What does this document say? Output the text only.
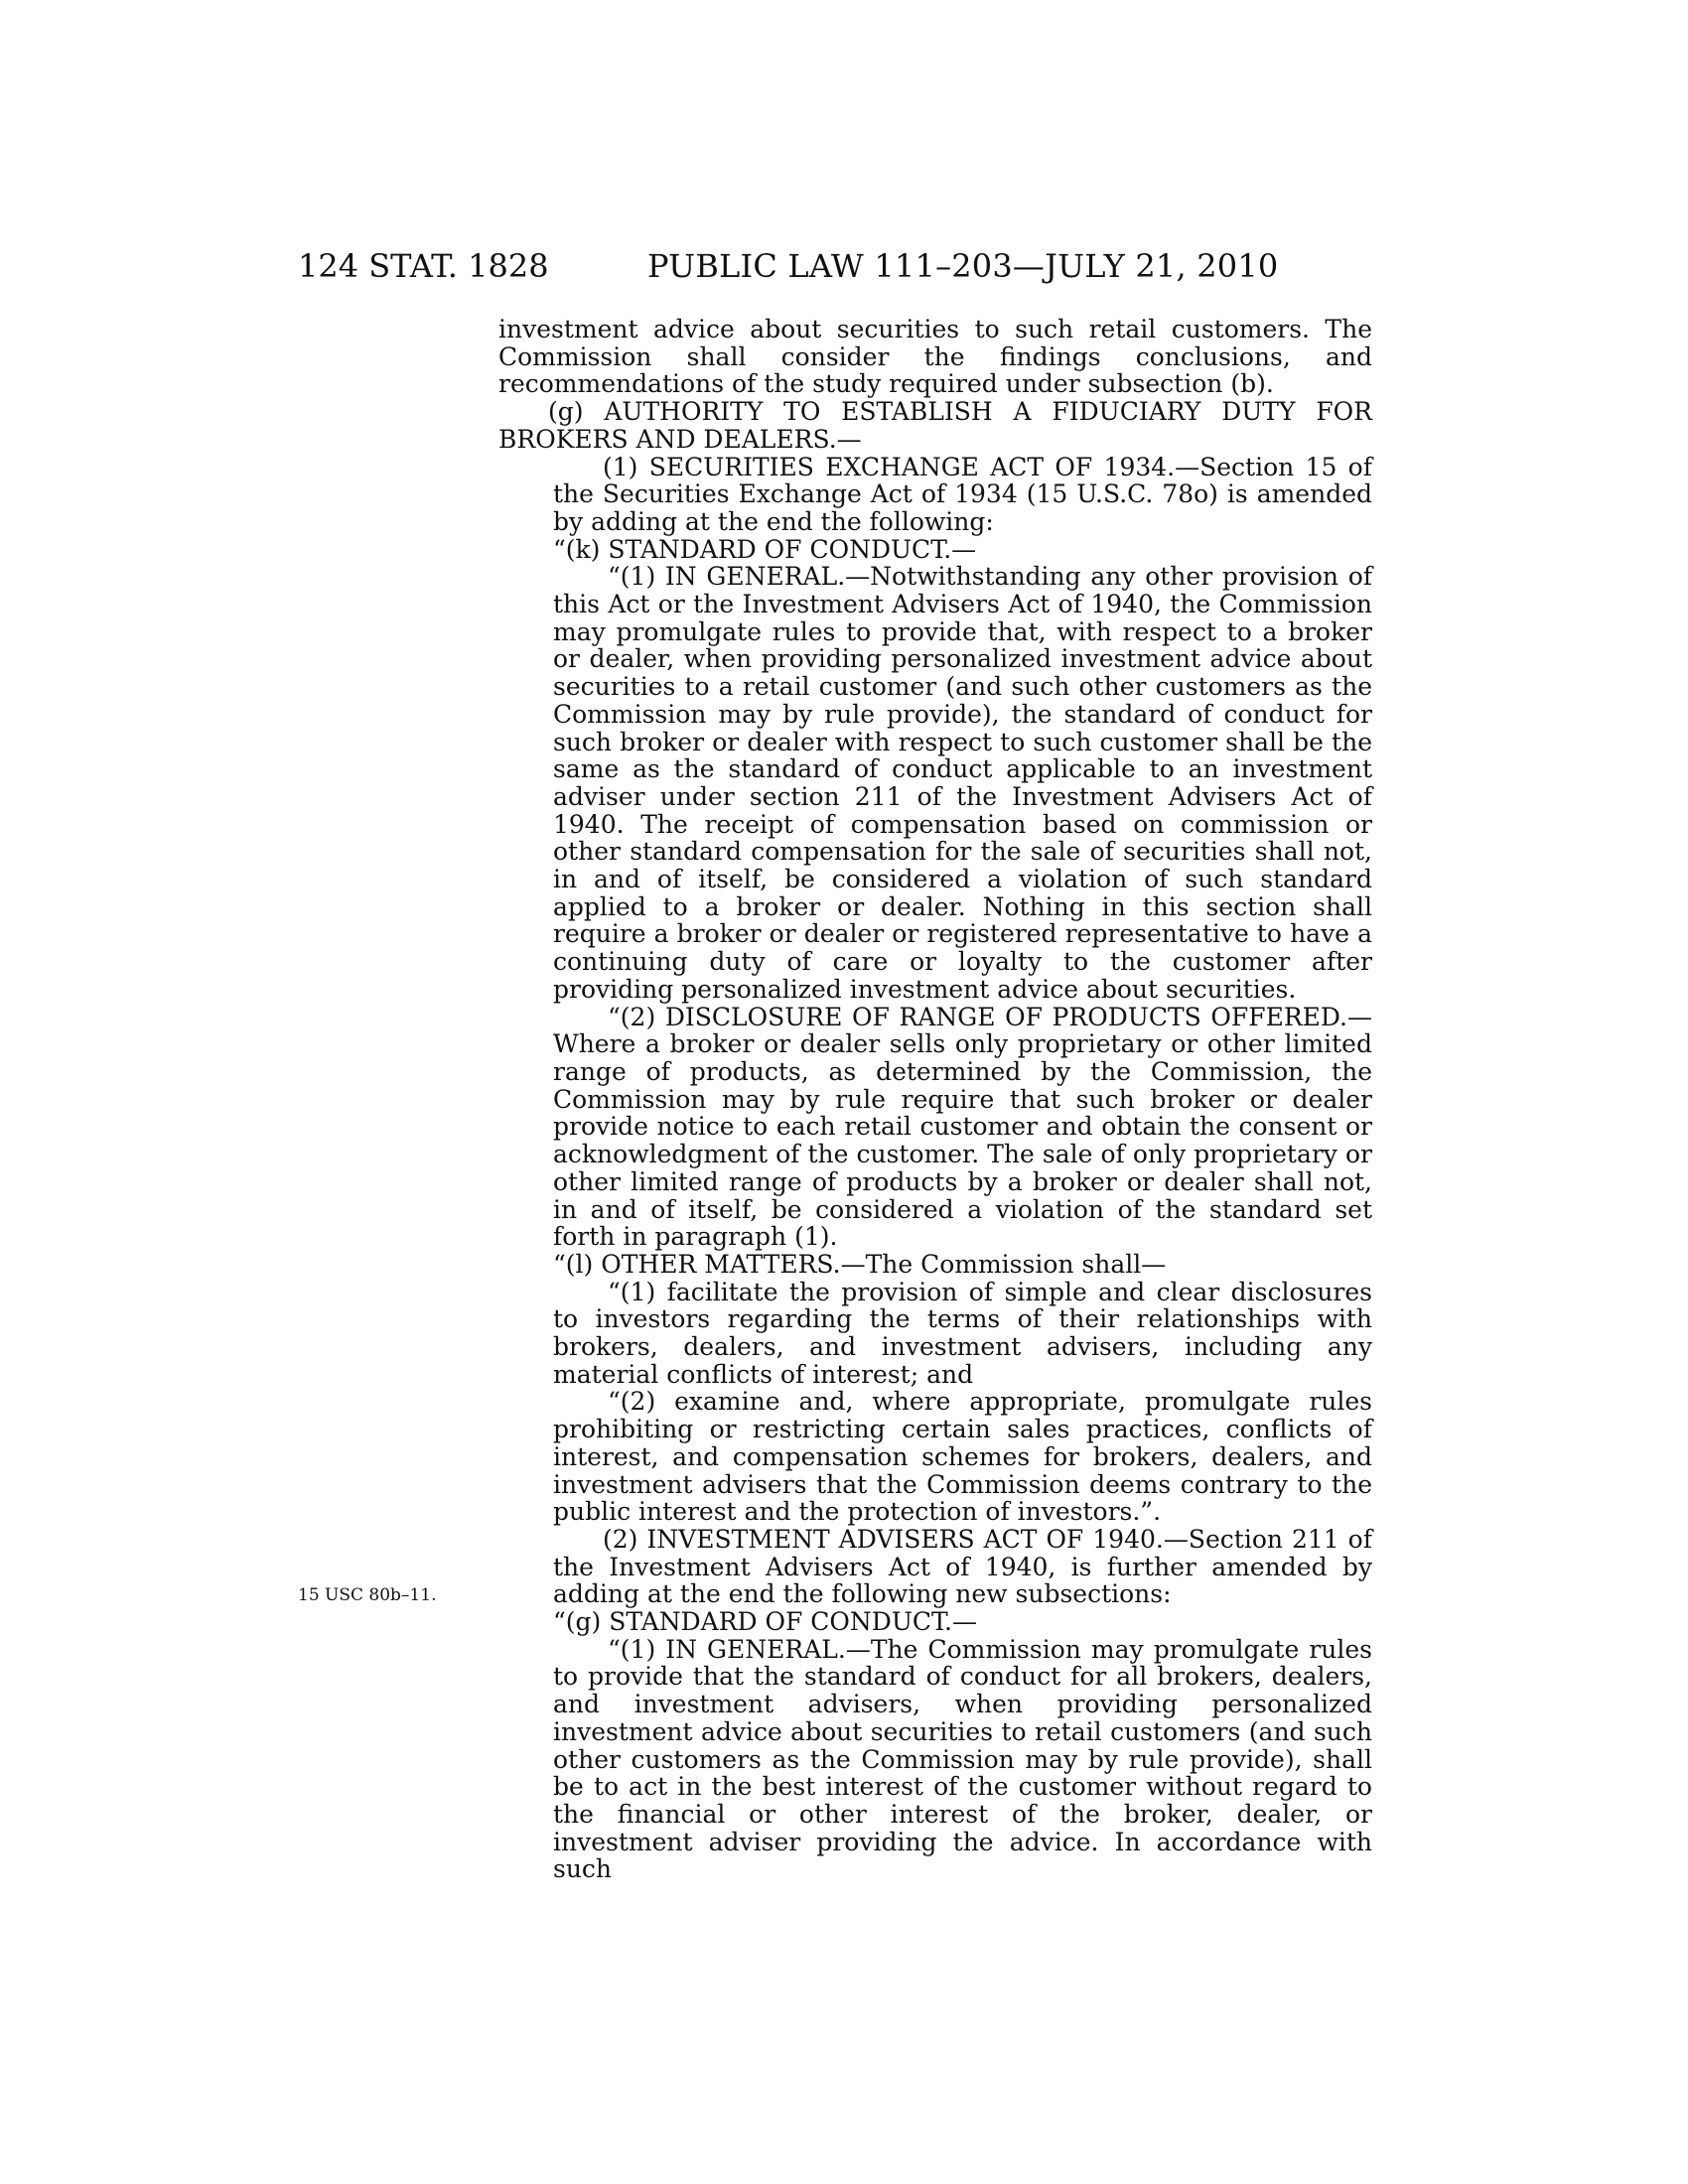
124 STAT. 1828	PUBLIC LAW 111–203—JULY 21, 2010
15 USC 80b–11.

investment advice about securities to such retail customers. The Commission shall consider the findings conclusions, and recommendations of the study required under subsection (b).

(g) AUTHORITY TO ESTABLISH A FIDUCIARY DUTY FOR BROKERS AND DEALERS.—

(1) SECURITIES EXCHANGE ACT OF 1934.—Section 15 of the Securities Exchange Act of 1934 (15 U.S.C. 78o) is amended by adding at the end the following:

“(k) STANDARD OF CONDUCT.—

“(1) IN GENERAL.—Notwithstanding any other provision of this Act or the Investment Advisers Act of 1940, the Commission may promulgate rules to provide that, with respect to a broker or dealer, when providing personalized investment advice about securities to a retail customer (and such other customers as the Commission may by rule provide), the standard of conduct for such broker or dealer with respect to such customer shall be the same as the standard of conduct applicable to an investment adviser under section 211 of the Investment Advisers Act of 1940. The receipt of compensation based on commission or other standard compensation for the sale of securities shall not, in and of itself, be considered a violation of such standard applied to a broker or dealer. Nothing in this section shall require a broker or dealer or registered representative to have a continuing duty of care or loyalty to the customer after providing personalized investment advice about securities.

“(2) DISCLOSURE OF RANGE OF PRODUCTS OFFERED.—Where a broker or dealer sells only proprietary or other limited range of products, as determined by the Commission, the Commission may by rule require that such broker or dealer provide notice to each retail customer and obtain the consent or acknowledgment of the customer. The sale of only proprietary or other limited range of products by a broker or dealer shall not, in and of itself, be considered a violation of the standard set forth in paragraph (1).

“(l) OTHER MATTERS.—The Commission shall—

“(1) facilitate the provision of simple and clear disclosures to investors regarding the terms of their relationships with brokers, dealers, and investment advisers, including any material conflicts of interest; and

“(2) examine and, where appropriate, promulgate rules prohibiting or restricting certain sales practices, conflicts of interest, and compensation schemes for brokers, dealers, and investment advisers that the Commission deems contrary to the public interest and the protection of investors.”.

(2) INVESTMENT ADVISERS ACT OF 1940.—Section 211 of the Investment Advisers Act of 1940, is further amended by adding at the end the following new subsections:

“(g) STANDARD OF CONDUCT.—

“(1) IN GENERAL.—The Commission may promulgate rules to provide that the standard of conduct for all brokers, dealers, and investment advisers, when providing personalized investment advice about securities to retail customers (and such other customers as the Commission may by rule provide), shall be to act in the best interest of the customer without regard to the financial or other interest of the broker, dealer, or investment adviser providing the advice. In accordance with such
